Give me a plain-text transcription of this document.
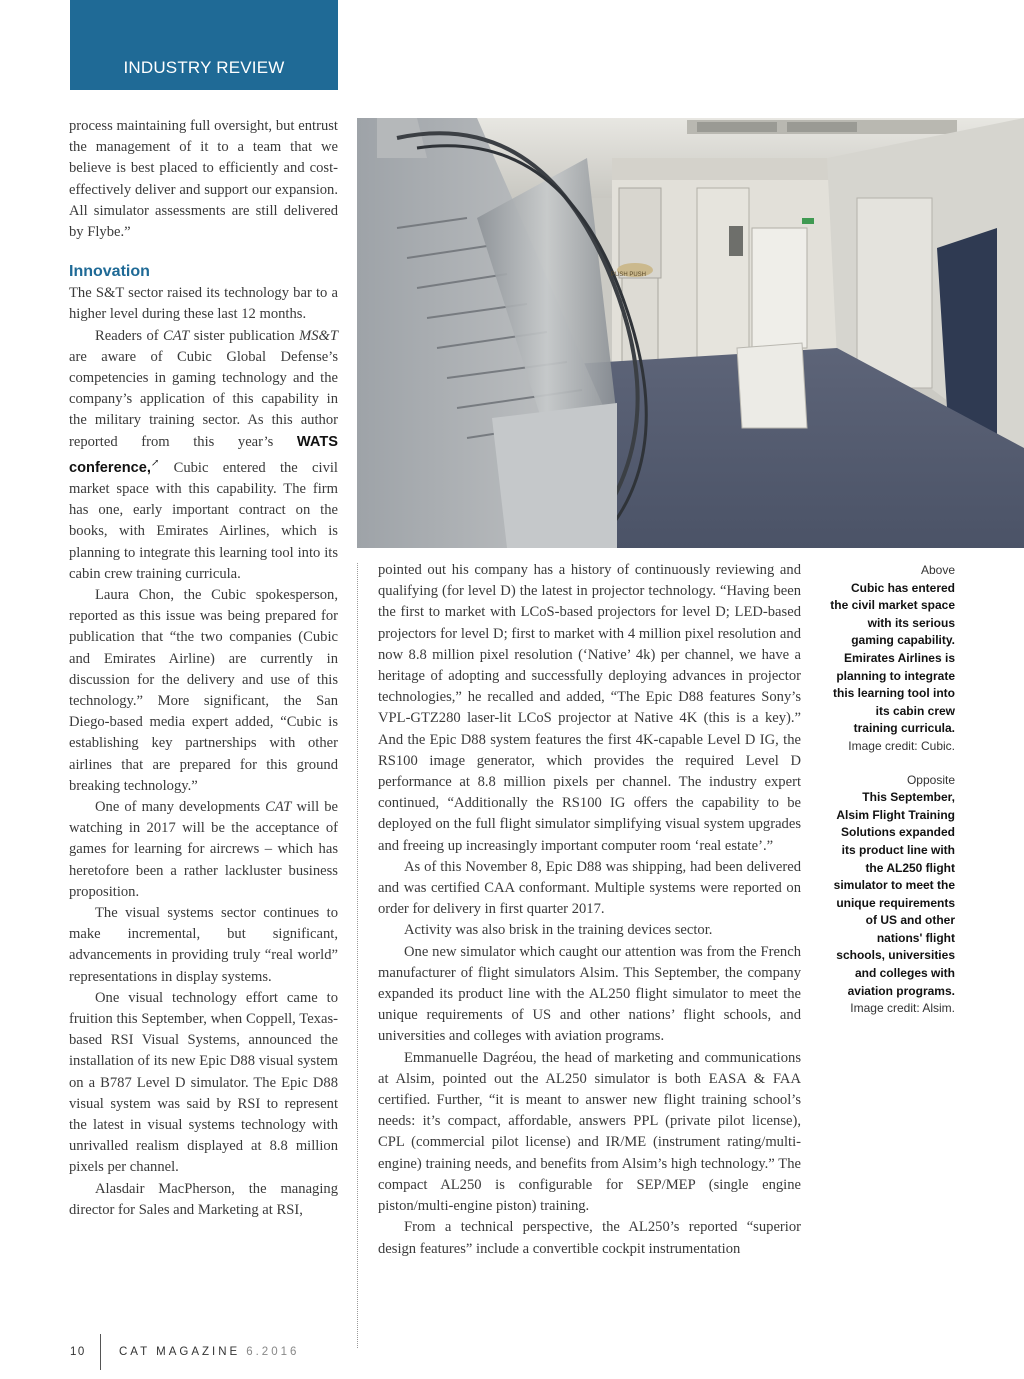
INDUSTRY REVIEW

process maintaining full oversight, but entrust the management of it to a team that we believe is best placed to efficiently and cost-effectively deliver and support our expansion. All simulator assessments are still delivered by Flybe.”

Innovation

The S&T sector raised its technology bar to a higher level during these last 12 months.

Readers of CAT sister publication MS&T are aware of Cubic Global Defense’s competencies in gaming technology and the company’s application of this capability in the military training sector. As this author reported from this year’s WATS conference,↗ Cubic entered the civil market space with this capability. The firm has one, early important contract on the books, with Emirates Airlines, which is planning to integrate this learning tool into its cabin crew training curricula.

Laura Chon, the Cubic spokesperson, reported as this issue was being prepared for publication that “the two companies (Cubic and Emirates Airline) are currently in discussion for the delivery and use of this technology.” More significant, the San Diego-based media expert added, “Cubic is establishing key partnerships with other airlines that are prepared for this ground breaking technology.”

One of many developments CAT will be watching in 2017 will be the acceptance of games for learning for aircrews – which has heretofore been a rather lackluster business proposition.

The visual systems sector continues to make incremental, but significant, advancements in providing truly “real world” representations in display systems.

One visual technology effort came to fruition this September, when Coppell, Texas-based RSI Visual Systems, announced the installation of its new Epic D88 visual system on a B787 Level D simulator. The Epic D88 visual system was said by RSI to represent the latest in visual systems technology with unrivalled realism displayed at 8.8 million pixels per channel.

Alasdair MacPherson, the managing director for Sales and Marketing at RSI,

PUSH PUSH

pointed out his company has a history of continuously reviewing and qualifying (for level D) the latest in projector technology. “Having been the first to market with LCoS-based projectors for level D; LED-based projectors for level D; first to market with 4 million pixel resolution and now 8.8 million pixel resolution (‘Native’ 4k) per channel, we have a heritage of adopting and successfully deploying advances in projector technologies,” he recalled and added, “The Epic D88 features Sony’s VPL-GTZ280 laser-lit LCoS projector at Native 4K (this is a key).” And the Epic D88 system features the first 4K-capable Level D IG, the RS100 image generator, which provides the required Level D performance at 8.8 million pixels per channel. The industry expert continued, “Additionally the RS100 IG offers the capability to be deployed on the full flight simulator simplifying visual system upgrades and freeing up increasingly important computer room ‘real estate’.”

As of this November 8, Epic D88 was shipping, had been delivered and was certified CAA conformant. Multiple systems were reported on order for delivery in first quarter 2017.

Activity was also brisk in the training devices sector.

One new simulator which caught our attention was from the French manufacturer of flight simulators Alsim. This September, the company expanded its product line with the AL250 flight simulator to meet the unique requirements of US and other nations’ flight schools, and universities and colleges with aviation programs.

Emmanuelle Dagréou, the head of marketing and communications at Alsim, pointed out the AL250 simulator is both EASA & FAA certified. Further, “it is meant to answer new flight training school’s needs: it’s compact, affordable, answers PPL (private pilot license), CPL (commercial pilot license) and IR/ME (instrument rating/multi-engine) training needs, and benefits from Alsim’s high technology.” The compact AL250 is configurable for SEP/MEP (single engine piston/multi-engine piston) training.

From a technical perspective, the AL250’s reported “superior design features” include a convertible cockpit instrumentation

Above
Cubic has entered the civil market space with its serious gaming capability. Emirates Airlines is planning to integrate this learning tool into its cabin crew training curricula.
Image credit: Cubic.
Opposite
This September, Alsim Flight Training Solutions expanded its product line with the AL250 flight simulator to meet the unique requirements of US and other nations' flight schools, universities and colleges with aviation programs.
Image credit: Alsim.
10	CAT MAGAZINE 6.2016
